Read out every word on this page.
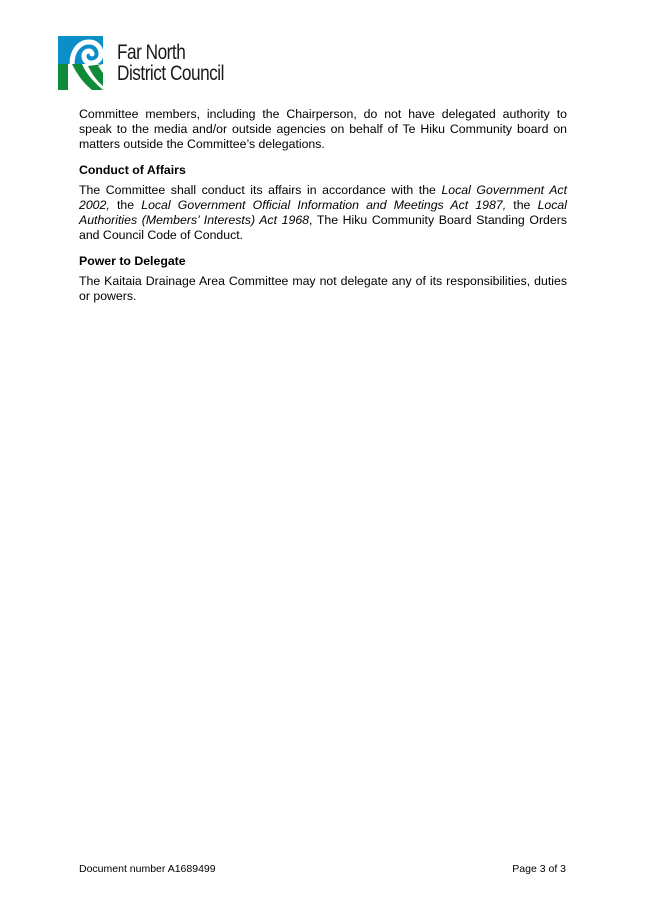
Far North
District Council

Committee members, including the Chairperson, do not have delegated authority to speak to the media and/or outside agencies on behalf of Te Hiku Community board on matters outside the Committee’s delegations.

Conduct of Affairs

The Committee shall conduct its affairs in accordance with the Local Government Act 2002, the Local Government Official Information and Meetings Act 1987, the Local Authorities (Members’ Interests) Act 1968, The Hiku Community Board Standing Orders and Council Code of Conduct.

Power to Delegate

The Kaitaia Drainage Area Committee may not delegate any of its responsibilities, duties or powers.

Document number A1689499	Page 3 of 3
